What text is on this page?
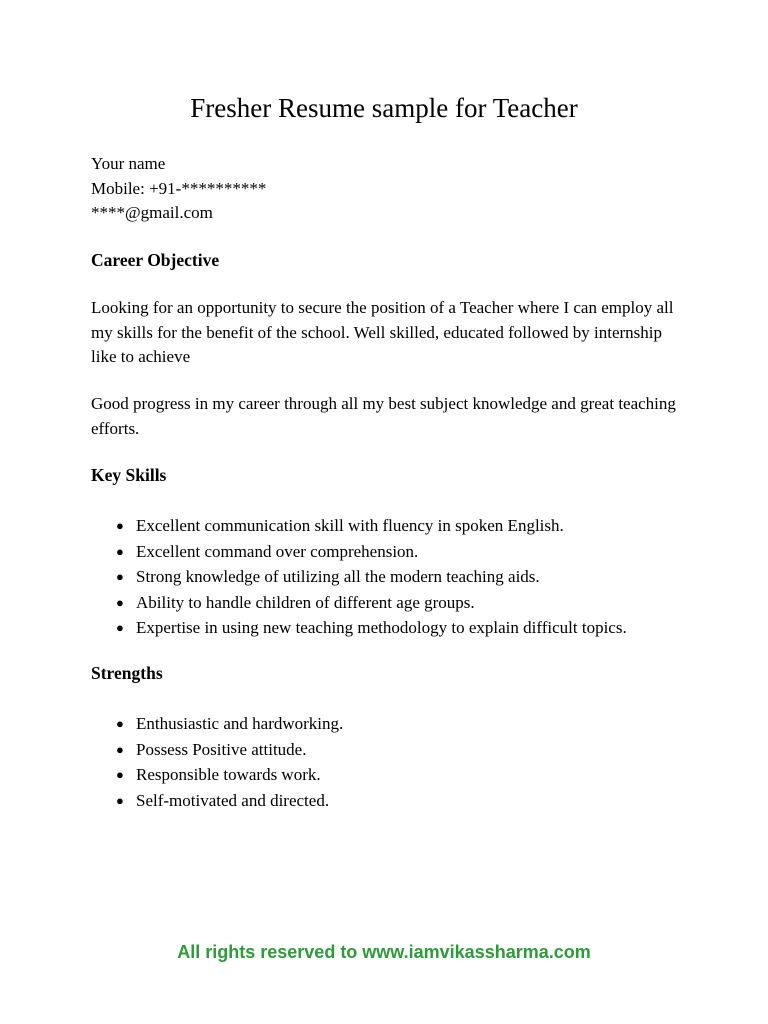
Fresher Resume sample for Teacher
Your name
Mobile: +91-**********
****@gmail.com
Career Objective

Looking for an opportunity to secure the position of a Teacher where I can employ all my skills for the benefit of the school. Well skilled, educated followed by internship like to achieve

Good progress in my career through all my best subject knowledge and great teaching efforts.

Key Skills
● Excellent communication skill with fluency in spoken English.
● Excellent command over comprehension.
● Strong knowledge of utilizing all the modern teaching aids.
● Ability to handle children of different age groups.
● Expertise in using new teaching methodology to explain difficult topics.
Strengths
● Enthusiastic and hardworking.
● Possess Positive attitude.
● Responsible towards work.
● Self-motivated and directed.
All rights reserved to www.iamvikassharma.com
